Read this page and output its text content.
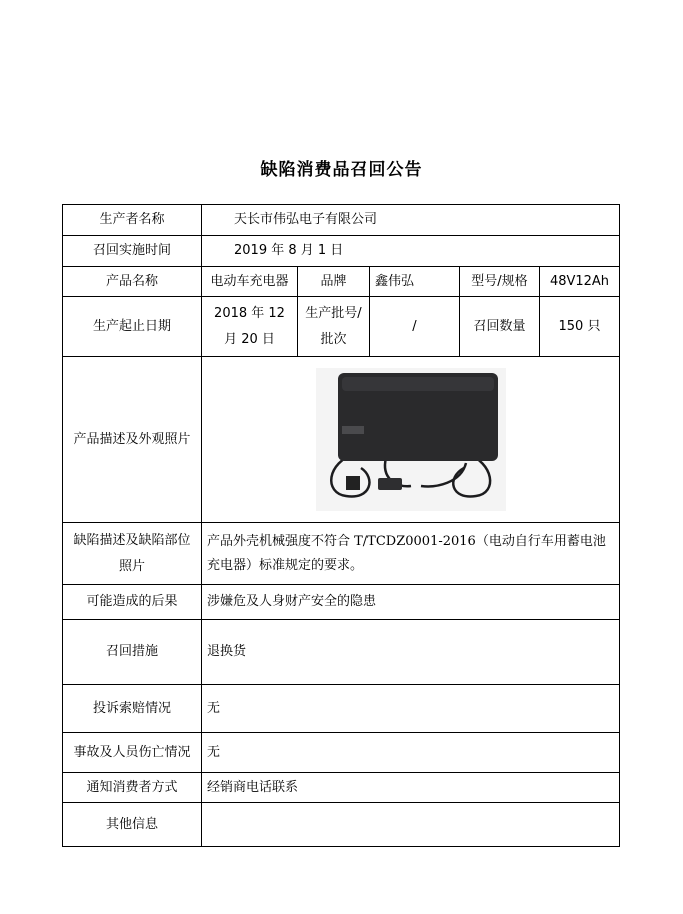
缺陷消费品召回公告
生产者名称	天长市伟弘电子有限公司				
召回实施时间	2019 年 8 月 1 日				
产品名称	电动车充电器	品牌	鑫伟弘	型号/规格	48V12Ah
生产起止日期	2018 年 12 月 20 日	生产批号/批次	/	召回数量	150 只
产品描述及外观照片	

缺陷描述及缺陷部位照片	产品外壳机械强度不符合 T/TCDZ0001-2016（电动自行车用蓄电池充电器）标准规定的要求。				
可能造成的后果	涉嫌危及人身财产安全的隐患				
召回措施	退换货				
投诉索赔情况	无				
事故及人员伤亡情况	无				
通知消费者方式	经销商电话联系				
其他信息					
